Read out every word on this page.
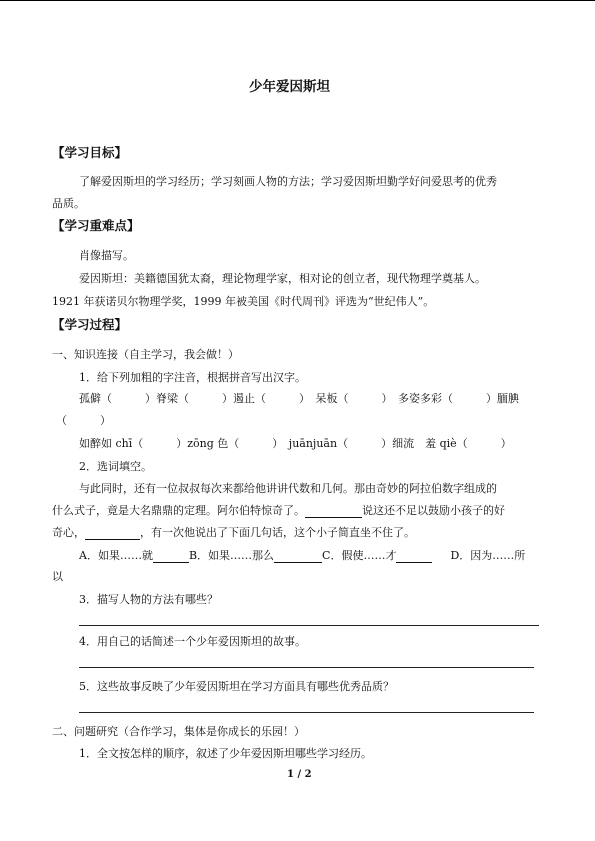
少年爱因斯坦
【学习目标】
了解爱因斯坦的学习经历；学习刻画人物的方法；学习爱因斯坦勤学好问爱思考的优秀
品质。
【学习重难点】
肖像描写。
爱因斯坦：美籍德国犹太裔，理论物理学家，相对论的创立者，现代物理学奠基人。
1921 年获诺贝尔物理学奖，1999 年被美国《时代周刊》评选为“世纪伟人”。
【学习过程】
一、知识连接（自主学习，我会做！）
1．给下列加粗的字注音，根据拼音写出汉字。
孤僻（　　　）脊梁（　　　）遏止（　　　）　呆板（　　　）　多姿多彩（　　　）腼腆
（　　　）
如醉如 chī（　　　）zōng 色（　　　）　juānjuān（　　　）细流　羞 qiè（　　　）
2．选词填空。
与此同时，还有一位叔叔每次来都给他讲讲代数和几何。那由奇妙的阿拉伯数字组成的
什么式子，竟是大名鼎鼎的定理。阿尔伯特惊奇了。	说这还不足以鼓励小孩子的好
奇心，	，有一次他说出了下面几句话，这个小子简直坐不住了。
A．如果……就	B．如果……那么	C．假使……才	D．因为……所
以
3．描写人物的方法有哪些？
4．用自己的话简述一个少年爱因斯坦的故事。
5．这些故事反映了少年爱因斯坦在学习方面具有哪些优秀品质？
二、问题研究（合作学习，集体是你成长的乐园！）
1．全文按怎样的顺序，叙述了少年爱因斯坦哪些学习经历。
1 / 2
